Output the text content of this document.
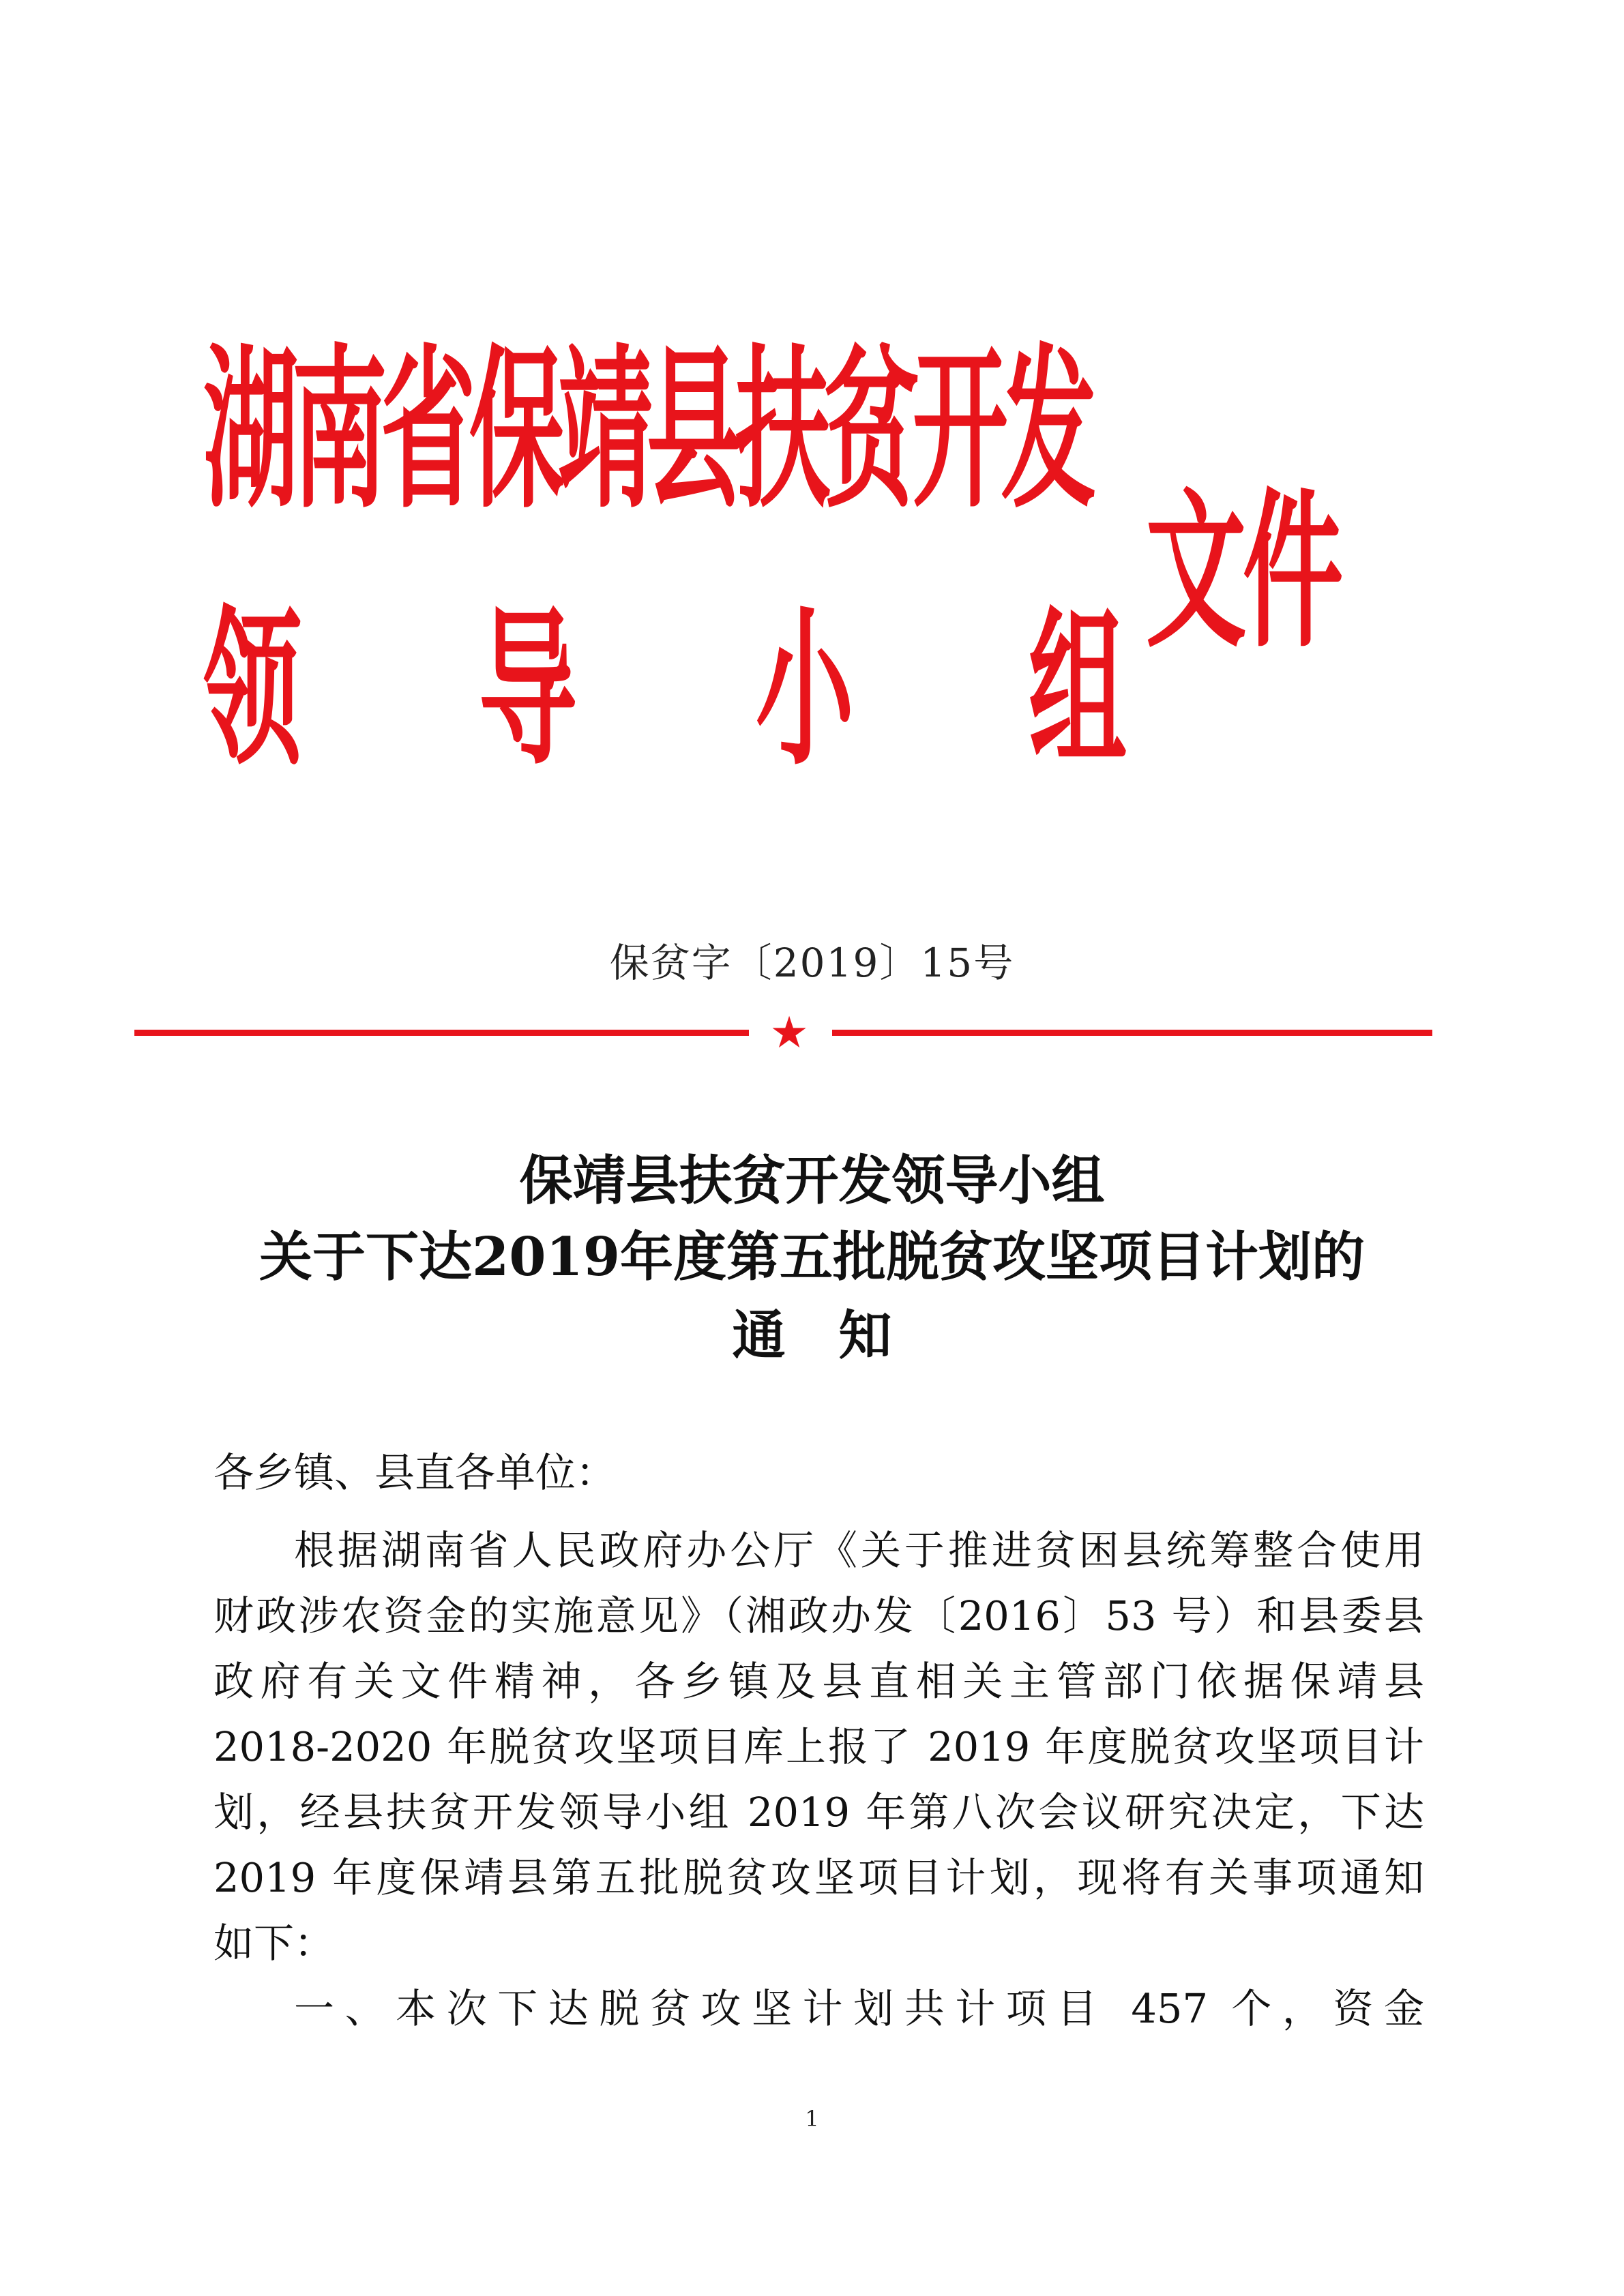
湖
南
省
保
靖
县
扶
贫
开
发
领 导 小 组
文
件
保贫字〔2019〕15号
★
保靖县扶贫开发领导小组
关于下达2019年度第五批脱贫攻坚项目计划的
通　知
各乡镇、县直各单位：
根据湖南省人民政府办公厅《关于推进贫困县统筹整合使用
财政涉农资金的实施意见》（湘政办发〔2016〕53 号）和县委县
政府有关文件精神，各乡镇及县直相关主管部门依据保靖县
2018-2020 年脱贫攻坚项目库上报了 2019 年度脱贫攻坚项目计
划，经县扶贫开发领导小组 2019 年第八次会议研究决定，下达
2019 年度保靖县第五批脱贫攻坚项目计划，现将有关事项通知
如下：
一、本次下达脱贫攻坚计划共计项目 457 个，资金
1
